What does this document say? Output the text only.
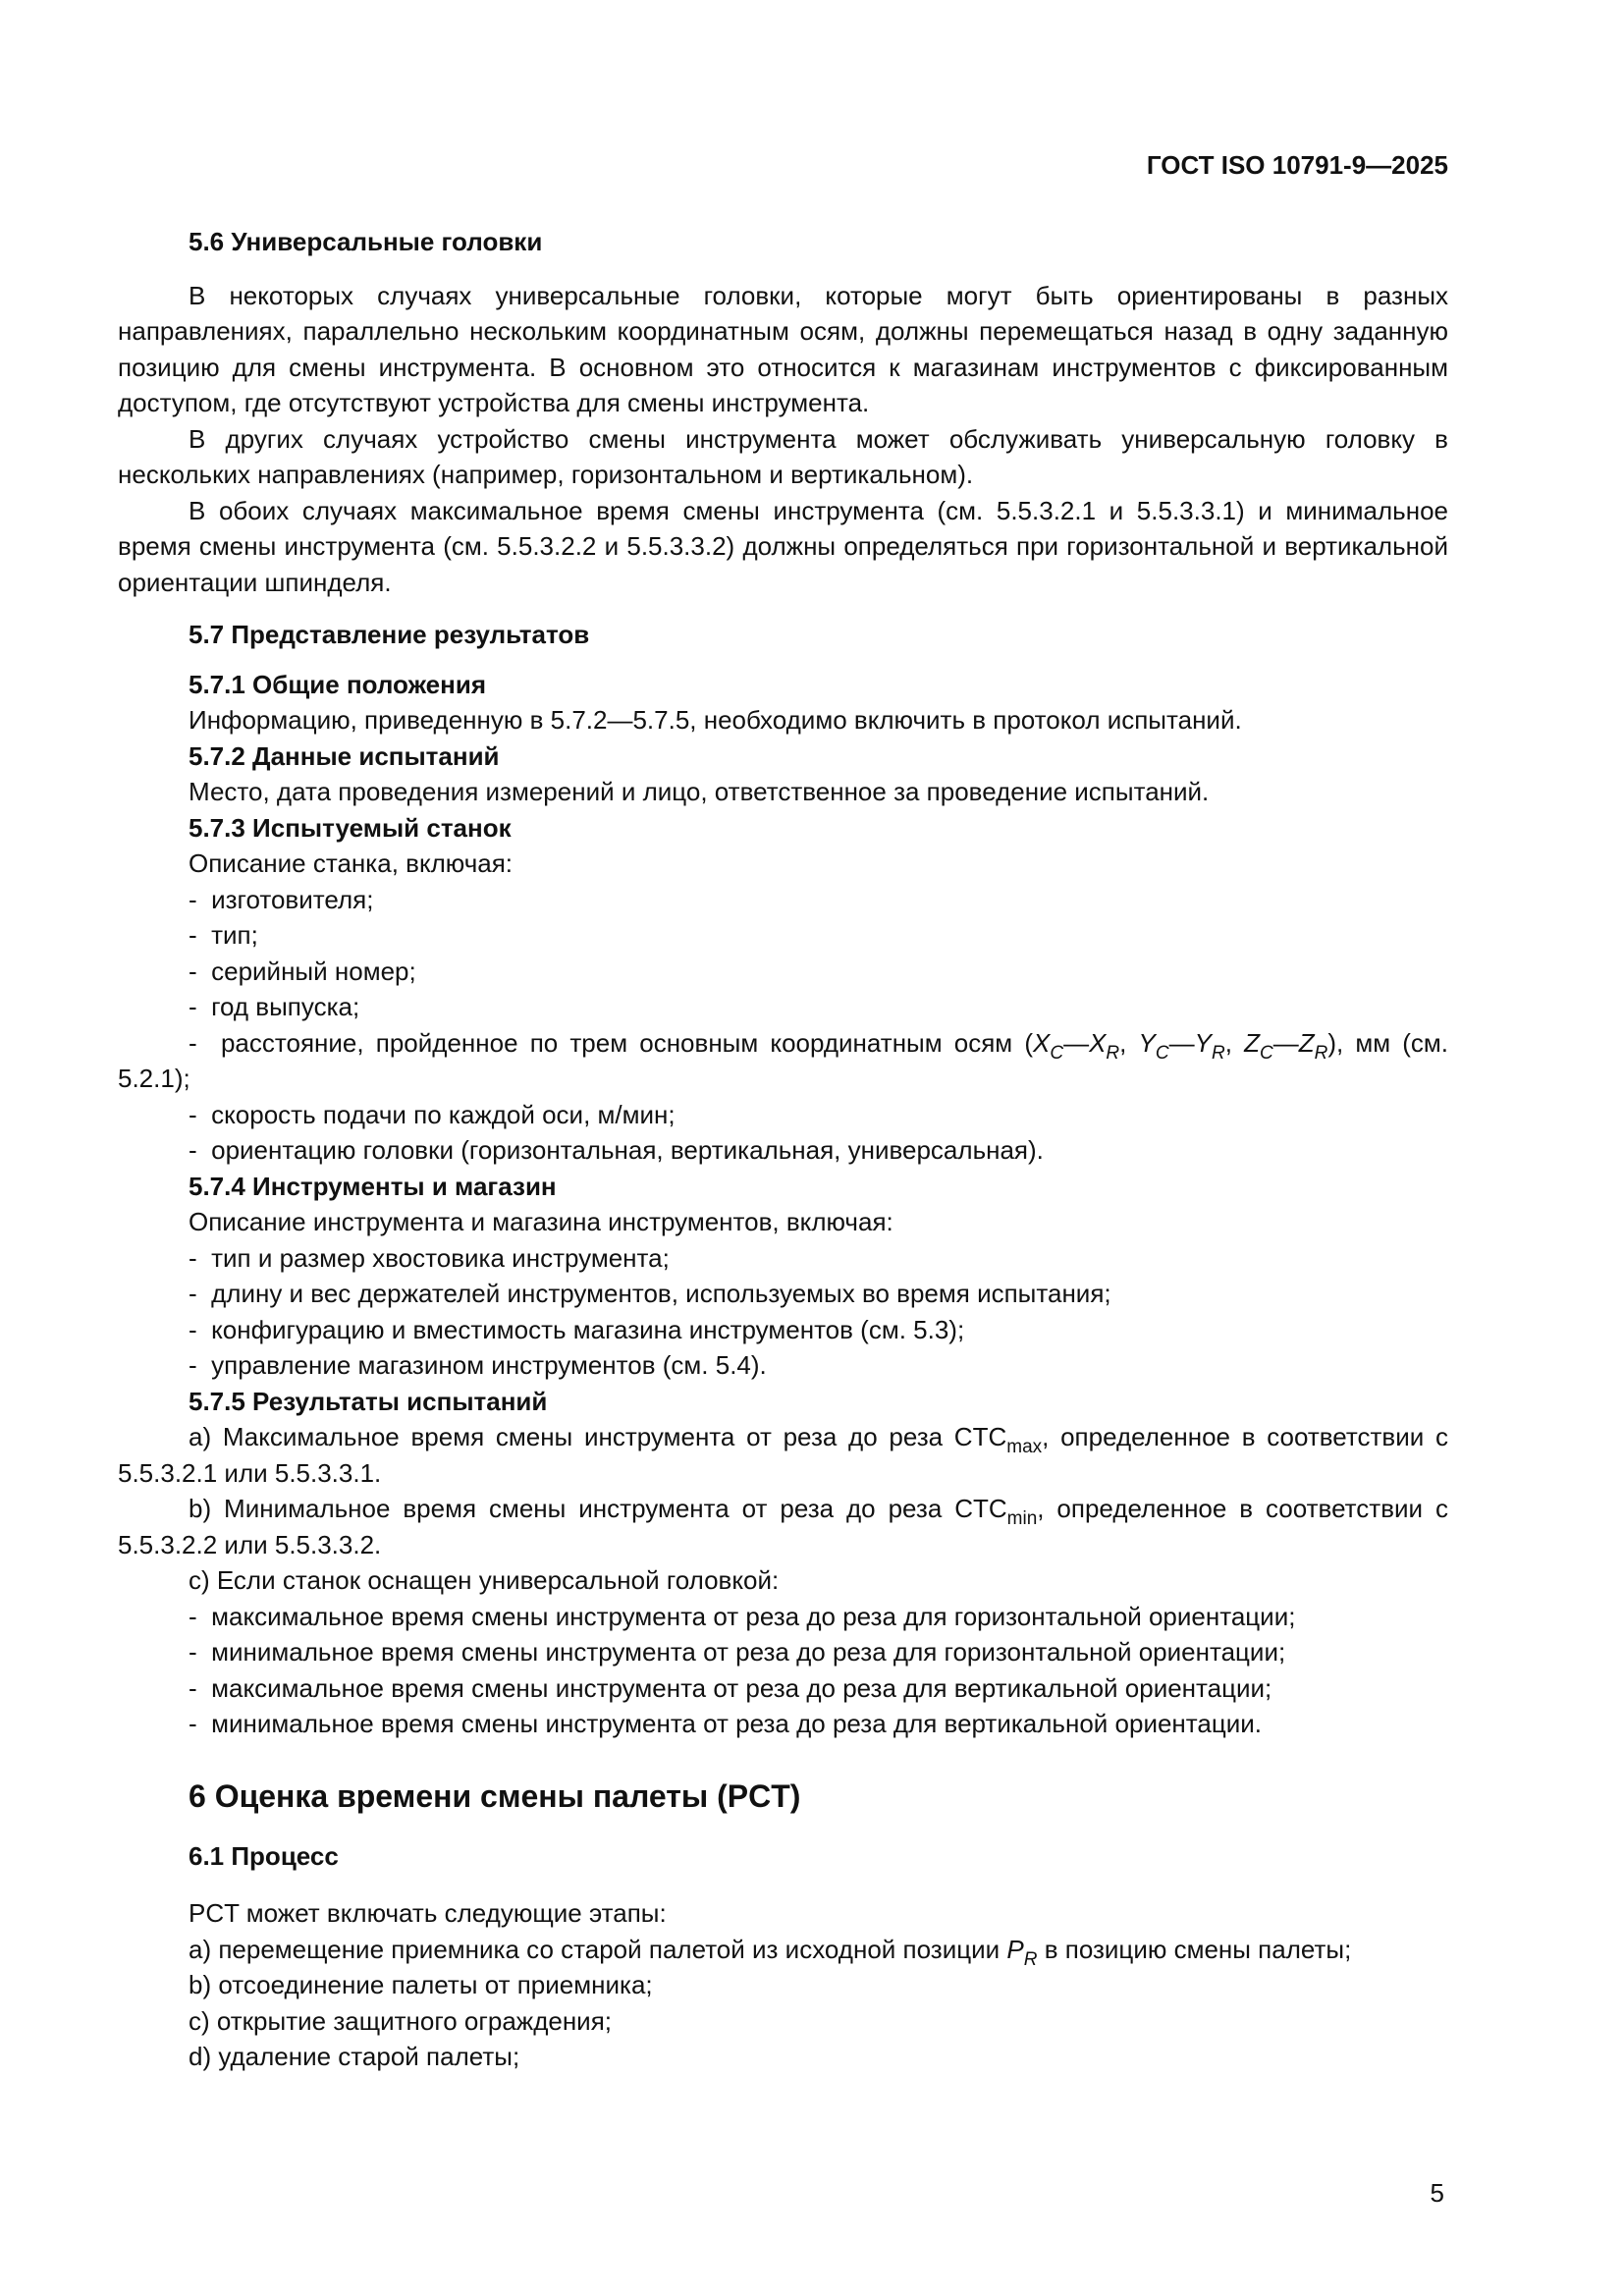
ГОСТ ISO 10791-9—2025

5.6 Универсальные головки

В некоторых случаях универсальные головки, которые могут быть ориентированы в разных направлениях, параллельно нескольким координатным осям, должны перемещаться назад в одну заданную позицию для смены инструмента. В основном это относится к магазинам инструментов с фиксированным доступом, где отсутствуют устройства для смены инструмента.

В других случаях устройство смены инструмента может обслуживать универсальную головку в нескольких направлениях (например, горизонтальном и вертикальном).

В обоих случаях максимальное время смены инструмента (см. 5.5.3.2.1 и 5.5.3.3.1) и минимальное время смены инструмента (см. 5.5.3.2.2 и 5.5.3.3.2) должны определяться при горизонтальной и вертикальной ориентации шпинделя.

5.7 Представление результатов

5.7.1 Общие положения

Информацию, приведенную в 5.7.2—5.7.5, необходимо включить в протокол испытаний.

5.7.2 Данные испытаний

Место, дата проведения измерений и лицо, ответственное за проведение испытаний.

5.7.3 Испытуемый станок

Описание станка, включая:

-  изготовителя;

-  тип;

-  серийный номер;

-  год выпуска;

-  расстояние, пройденное по трем основным координатным осям ($X_C—X_R$, $Y_C—Y_R$, $Z_C—Z_R$), мм (см. 5.2.1);

-  скорость подачи по каждой оси, м/мин;

-  ориентацию головки (горизонтальная, вертикальная, универсальная).

5.7.4 Инструменты и магазин

Описание инструмента и магазина инструментов, включая:

-  тип и размер хвостовика инструмента;

-  длину и вес держателей инструментов, используемых во время испытания;

-  конфигурацию и вместимость магазина инструментов (см. 5.3);

-  управление магазином инструментов (см. 5.4).

5.7.5 Результаты испытаний

a) Максимальное время смены инструмента от реза до реза $CTC_{max}$, определенное в соответствии с 5.5.3.2.1 или 5.5.3.3.1.

b) Минимальное время смены инструмента от реза до реза $CTC_{min}$, определенное в соответствии с 5.5.3.2.2 или 5.5.3.3.2.

c) Если станок оснащен универсальной головкой:

-  максимальное время смены инструмента от реза до реза для горизонтальной ориентации;

-  минимальное время смены инструмента от реза до реза для горизонтальной ориентации;

-  максимальное время смены инструмента от реза до реза для вертикальной ориентации;

-  минимальное время смены инструмента от реза до реза для вертикальной ориентации.

6 Оценка времени смены палеты (PCT)

6.1 Процесс

PCT может включать следующие этапы:

a) перемещение приемника со старой палетой из исходной позиции $P_R$ в позицию смены палеты;

b) отсоединение палеты от приемника;

c) открытие защитного ограждения;

d) удаление старой палеты;

5
